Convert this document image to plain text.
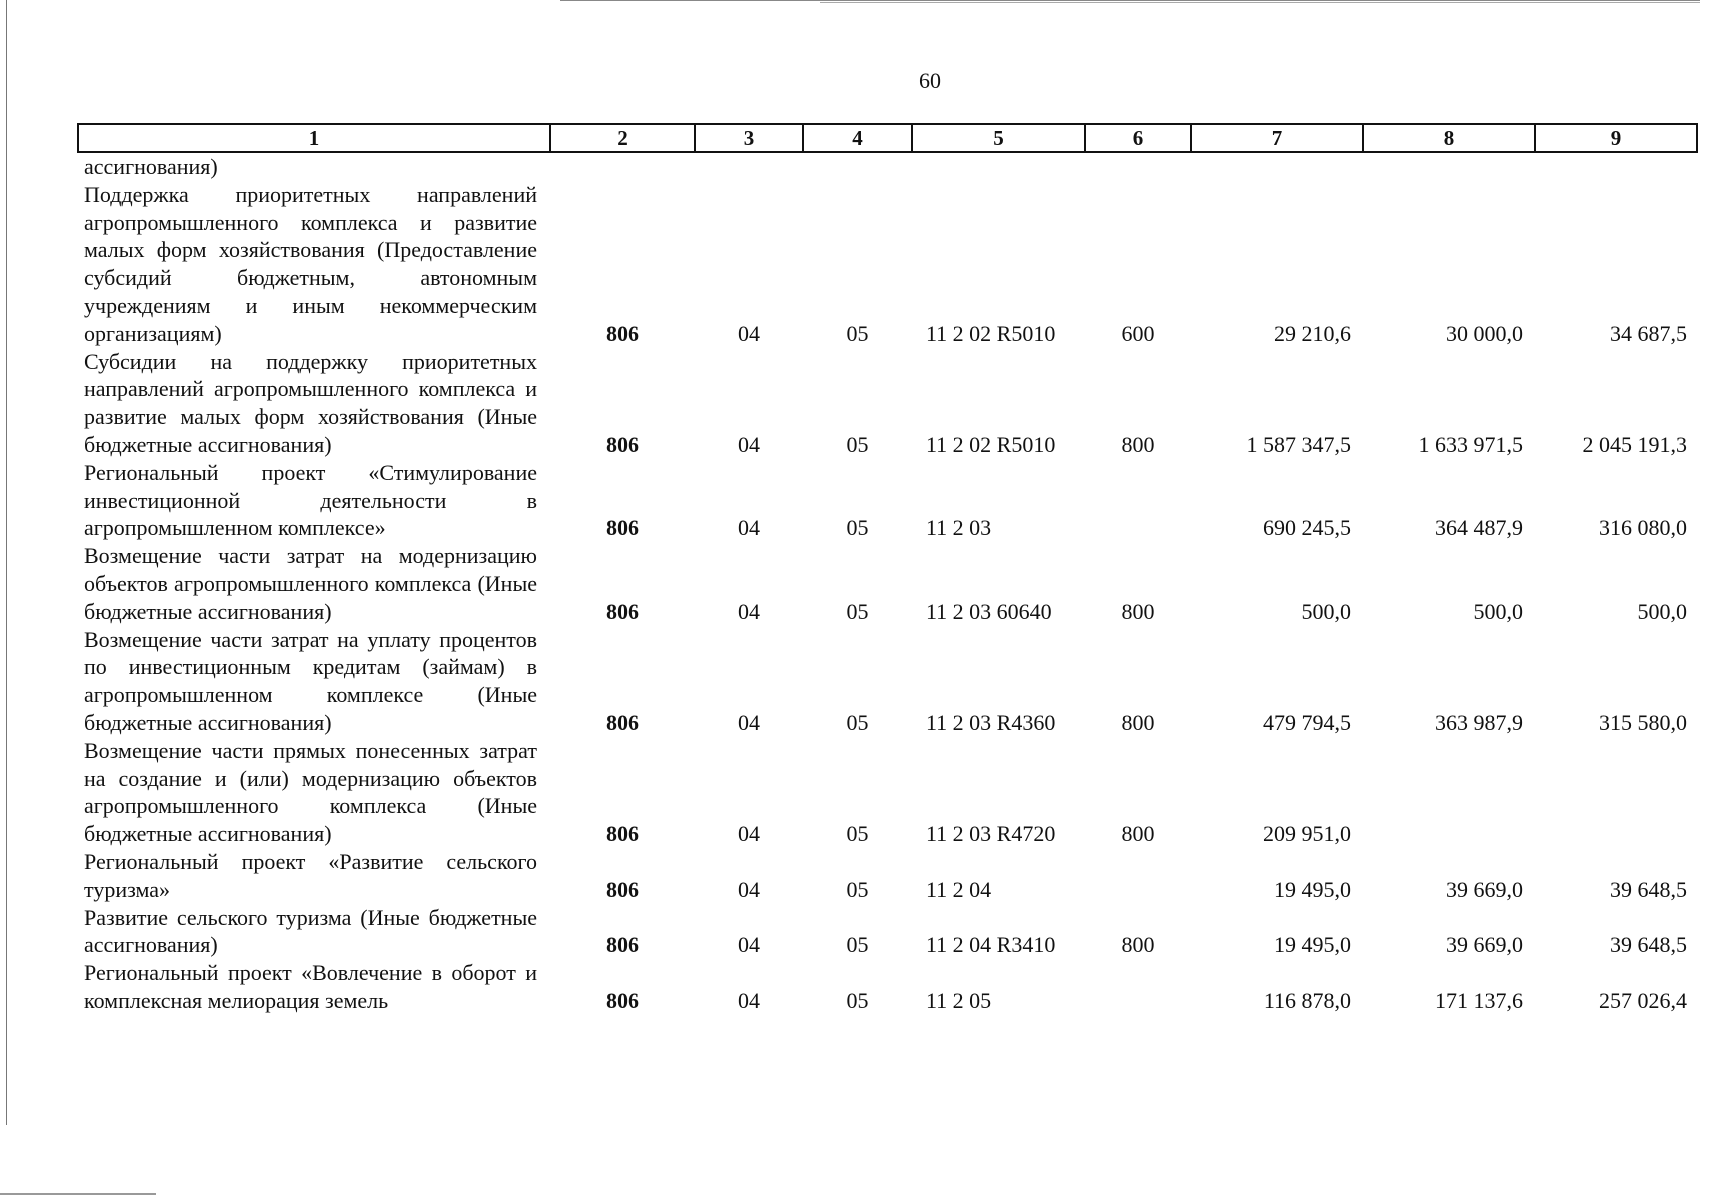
60
1	2	3	4	5	6	7	8	9
ассигнования)								
Поддержка приоритетных направлений агропромышленного комплекса и развитие малых форм хозяйствования (Предоставление субсидий бюджетным, автономным учреждениям и иным некоммерческим организациям)	806	04	05	11 2 02 R5010	600	29 210,6	30 000,0	34 687,5
Субсидии на поддержку приоритетных направлений агропромышленного комплекса и развитие малых форм хозяйствования (Иные бюджетные ассигнования)	806	04	05	11 2 02 R5010	800	1 587 347,5	1 633 971,5	2 045 191,3
Региональный проект «Стимулирование инвестиционной деятельности в агропромышленном комплексе»	806	04	05	11 2 03		690 245,5	364 487,9	316 080,0
Возмещение части затрат на модернизацию объектов агропромышленного комплекса (Иные бюджетные ассигнования)	806	04	05	11 2 03 60640	800	500,0	500,0	500,0
Возмещение части затрат на уплату процентов по инвестиционным кредитам (займам) в агропромышленном комплексе (Иные бюджетные ассигнования)	806	04	05	11 2 03 R4360	800	479 794,5	363 987,9	315 580,0
Возмещение части прямых понесенных затрат на создание и (или) модернизацию объектов агропромышленного комплекса (Иные бюджетные ассигнования)	806	04	05	11 2 03 R4720	800	209 951,0		
Региональный проект «Развитие сельского туризма»	806	04	05	11 2 04		19 495,0	39 669,0	39 648,5
Развитие сельского туризма (Иные бюджетные ассигнования)	806	04	05	11 2 04 R3410	800	19 495,0	39 669,0	39 648,5
Региональный проект «Вовлечение в оборот и комплексная мелиорация земель	806	04	05	11 2 05		116 878,0	171 137,6	257 026,4
